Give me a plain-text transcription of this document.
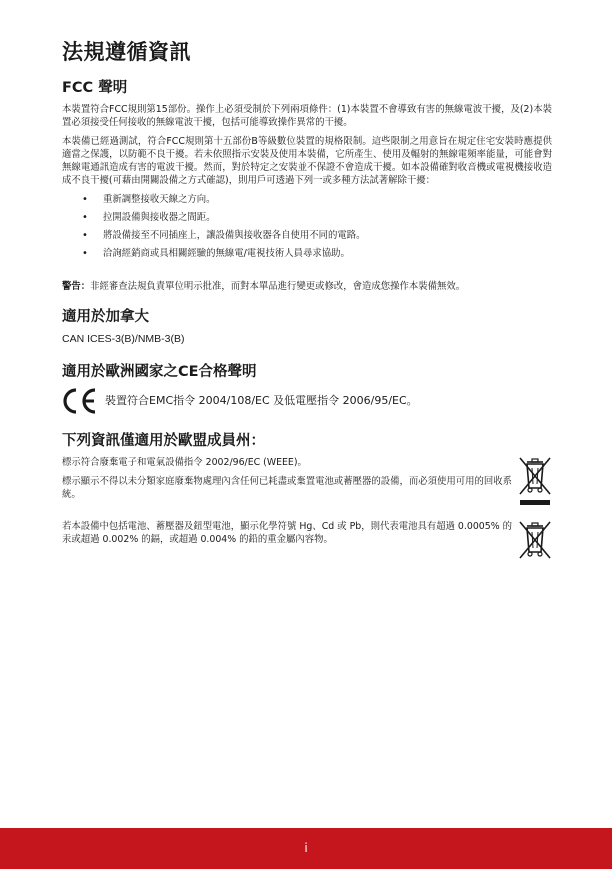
法規遵循資訊
FCC 聲明

本裝置符合FCC規則第15部份。操作上必須受制於下列兩項條件：(1)本裝置不會導致有害的無線電波干擾，及(2)本裝置必須接受任何接收的無線電波干擾，包括可能導致操作異常的干擾。

本裝備已經過測試，符合FCC規則第十五部份B等級數位裝置的規格限制。這些限制之用意旨在規定住宅安裝時應提供適當之保護，以防範不良干擾。若未依照指示安裝及使用本裝備，它所產生、使用及輻射的無線電頻率能量，可能會對無線電通訊造成有害的電波干擾。然而，對於特定之安裝並不保證不會造成干擾。如本設備確對收音機或電視機接收造成不良干擾(可藉由開關設備之方式確認)，則用戶可透過下列一或多種方法試著解除干擾：

• 重新調整接收天線之方向。
• 拉開設備與接收器之間距。
• 將設備接至不同插座上，讓設備與接收器各自使用不同的電路。
• 洽詢經銷商或具相關經驗的無線電/電視技術人員尋求協助。
警告：非經審查法規負責單位明示批准，而對本單品進行變更或修改，會造成您操作本裝備無效。
適用於加拿大
CAN ICES-3(B)/NMB-3(B)
適用於歐洲國家之CE合格聲明
裝置符合EMC指令 2004/108/EC 及低電壓指令 2006/95/EC。
下列資訊僅適用於歐盟成員州：

標示符合廢棄電子和電氣設備指令 2002/96/EC (WEEE)。

標示顯示不得以未分類家庭廢棄物處理內含任何已耗盡或棄置電池或蓄壓器的設備，而必須使用可用的回收系統。

若本設備中包括電池、蓄壓器及鈕型電池，顯示化學符號 Hg、Cd 或 Pb，則代表電池具有超過 0.0005% 的汞或超過 0.002% 的鎘，或超過 0.004% 的鉛的重金屬內容物。

i
